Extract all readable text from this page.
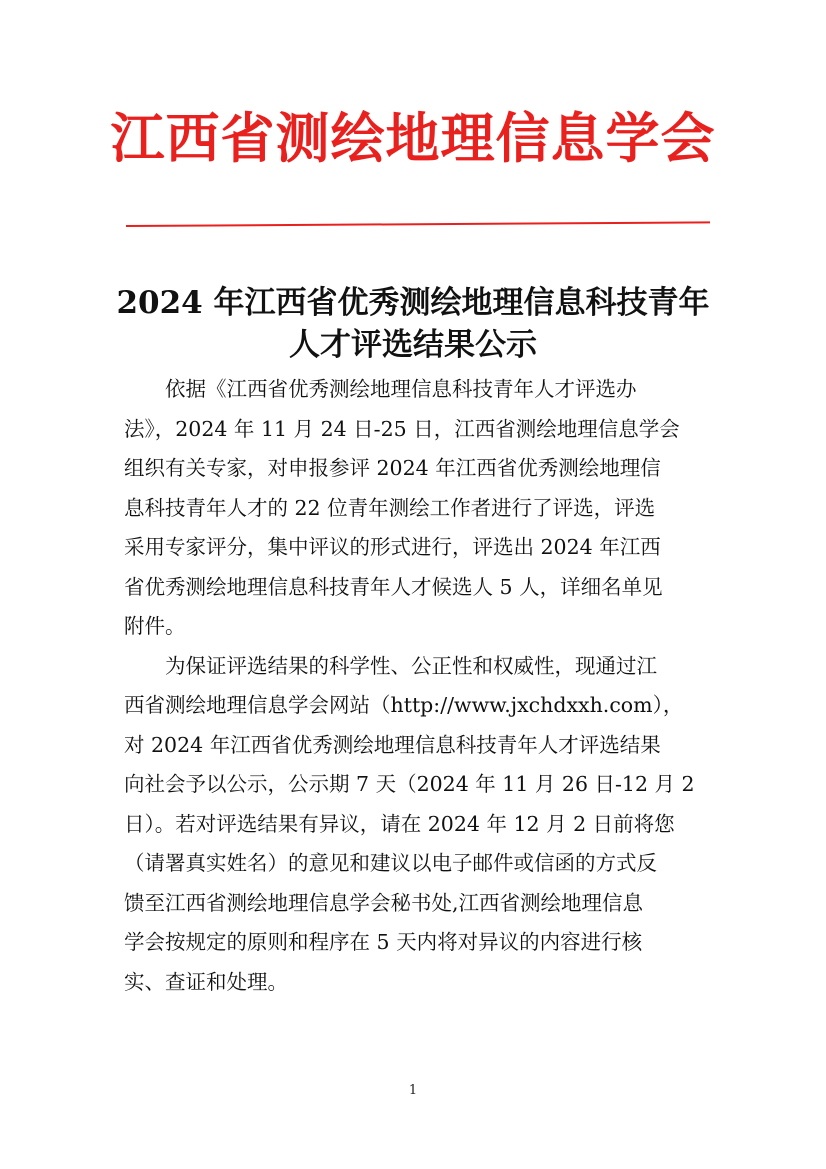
江西省测绘地理信息学会
2024 年江西省优秀测绘地理信息科技青年
人才评选结果公示
依据《江西省优秀测绘地理信息科技青年人才评选办
法》，2024 年 11 月 24 日-25 日，江西省测绘地理信息学会
组织有关专家，对申报参评 2024 年江西省优秀测绘地理信
息科技青年人才的 22 位青年测绘工作者进行了评选，评选
采用专家评分，集中评议的形式进行，评选出 2024 年江西
省优秀测绘地理信息科技青年人才候选人 5 人，详细名单见
附件。
为保证评选结果的科学性、公正性和权威性，现通过江
西省测绘地理信息学会网站（http://www.jxchdxxh.com），
对 2024 年江西省优秀测绘地理信息科技青年人才评选结果
向社会予以公示，公示期 7 天（2024 年 11 月 26 日-12 月 2
日）。若对评选结果有异议，请在 2024 年 12 月 2 日前将您
（请署真实姓名）的意见和建议以电子邮件或信函的方式反
馈至江西省测绘地理信息学会秘书处,江西省测绘地理信息
学会按规定的原则和程序在 5 天内将对异议的内容进行核
实、查证和处理。
1
